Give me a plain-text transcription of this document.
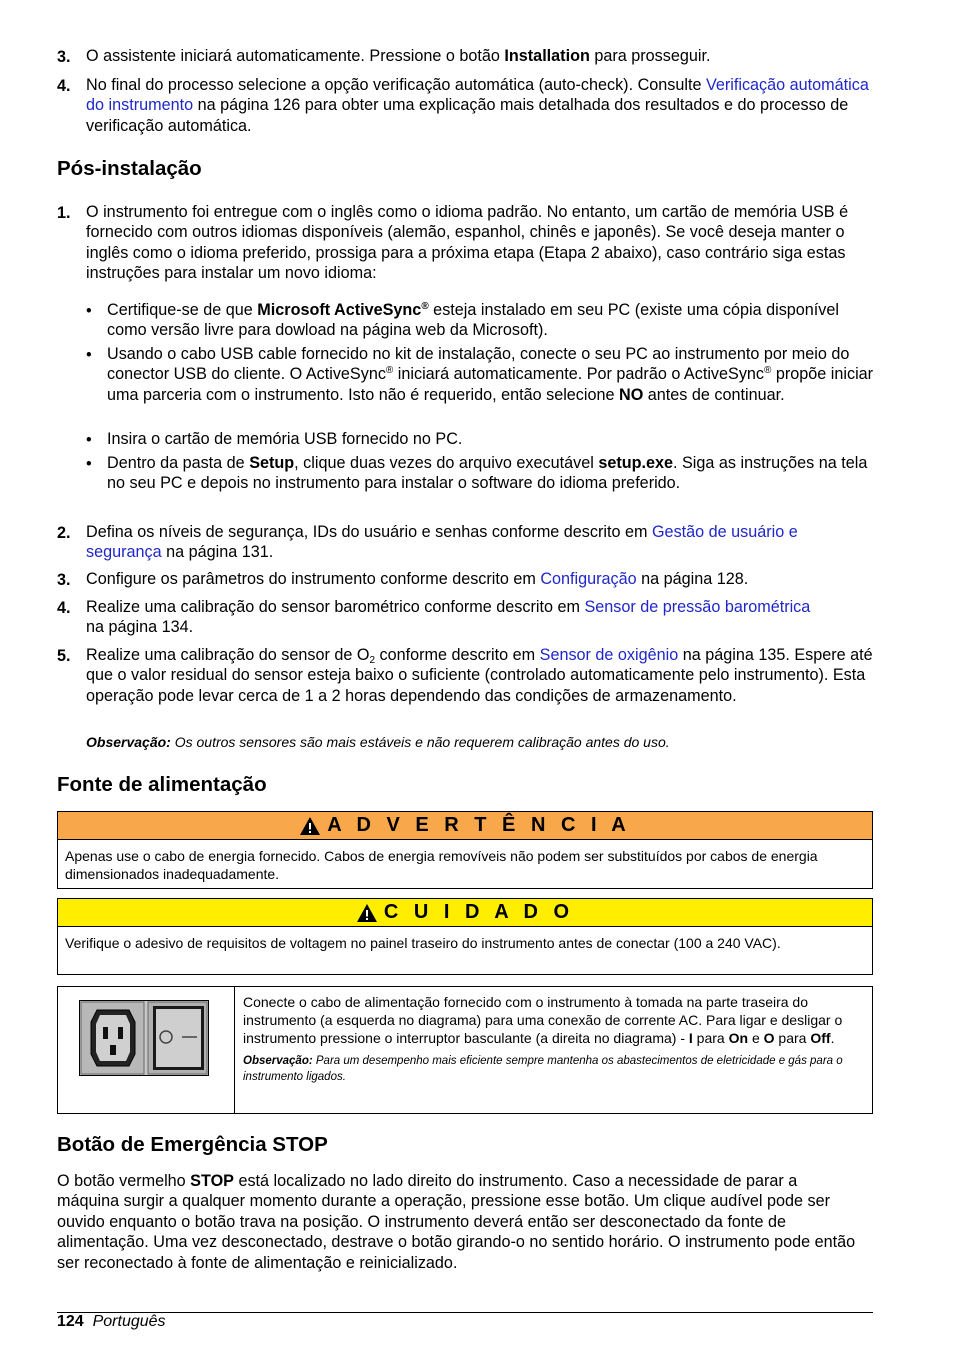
3. O assistente iniciará automaticamente. Pressione o botão Installation para prosseguir.
4. No final do processo selecione a opção verificação automática (auto-check). Consulte Verificação automática do instrumento na página 126 para obter uma explicação mais detalhada dos resultados e do processo de verificação automática.
Pós-instalação
1. O instrumento foi entregue com o inglês como o idioma padrão. No entanto, um cartão de memória USB é fornecido com outros idiomas disponíveis (alemão, espanhol, chinês e japonês). Se você deseja manter o inglês como o idioma preferido, prossiga para a próxima etapa (Etapa 2 abaixo), caso contrário siga estas instruções para instalar um novo idioma:
• Certifique-se de que Microsoft ActiveSync® esteja instalado em seu PC (existe uma cópia disponível como versão livre para dowload na página web da Microsoft).
• Usando o cabo USB cable fornecido no kit de instalação, conecte o seu PC ao instrumento por meio do conector USB do cliente. O ActiveSync® iniciará automaticamente. Por padrão o ActiveSync® propõe iniciar uma parceria com o instrumento. Isto não é requerido, então selecione NO antes de continuar.
• Insira o cartão de memória USB fornecido no PC.
• Dentro da pasta de Setup, clique duas vezes do arquivo executável setup.exe. Siga as instruções na tela no seu PC e depois no instrumento para instalar o software do idioma preferido.
2. Defina os níveis de segurança, IDs do usuário e senhas conforme descrito em Gestão de usuário e segurança na página 131.
3. Configure os parâmetros do instrumento conforme descrito em Configuração na página 128.
4. Realize uma calibração do sensor barométrico conforme descrito em Sensor de pressão barométrica na página 134.
5. Realize uma calibração do sensor de $O_2$ conforme descrito em Sensor de oxigênio na página 135. Espere até que o valor residual do sensor esteja baixo o suficiente (controlado automaticamente pelo instrumento). Esta operação pode levar cerca de 1 a 2 horas dependendo das condições de armazenamento.
Observação: Os outros sensores são mais estáveis e não requerem calibração antes do uso.
Fonte de alimentação
A D V E R T Ê N C I A
Apenas use o cabo de energia fornecido. Cabos de energia removíveis não podem ser substituídos por cabos de energia dimensionados inadequadamente.
C U I D A D O
Verifique o adesivo de requisitos de voltagem no painel traseiro do instrumento antes de conectar (100 a 240 VAC).
Conecte o cabo de alimentação fornecido com o instrumento à tomada na parte traseira do instrumento (a esquerda no diagrama) para uma conexão de corrente AC. Para ligar e desligar o instrumento pressione o interruptor basculante (a direita no diagrama) - I para On e O para Off.
Observação: Para um desempenho mais eficiente sempre mantenha os abastecimentos de eletricidade e gás para o instrumento ligados.
Botão de Emergência STOP
O botão vermelho STOP está localizado no lado direito do instrumento. Caso a necessidade de parar a máquina surgir a qualquer momento durante a operação, pressione esse botão. Um clique audível pode ser ouvido enquanto o botão trava na posição. O instrumento deverá então ser desconectado da fonte de alimentação. Uma vez desconectado, destrave o botão girando-o no sentido horário. O instrumento pode então ser reconectado à fonte de alimentação e reinicializado.
124 Português
